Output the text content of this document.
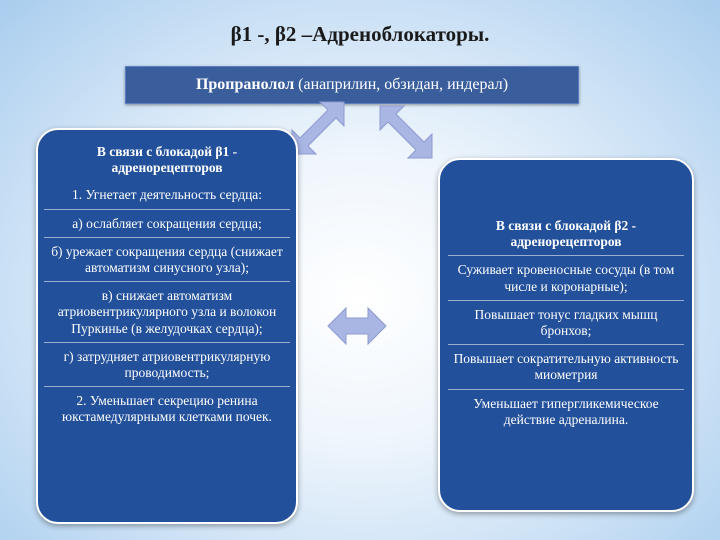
β1 -, β2 –Адреноблокаторы.
Пропранолол (анаприлин, обзидан, индерал)
В связи с блокадой β1 - адренорецепторов
1. Угнетает деятельность сердца:
а) ослабляет сокращения сердца;
б) урежает сокращения сердца (снижает автоматизм синусного узла);
в) снижает автоматизм атриовентрикулярного узла и волокон Пуркинье (в желудочках сердца);
г) затрудняет атриовентрикулярную проводимость;
2. Уменьшает секрецию ренина юкстамедулярными клетками почек.
В связи с блокадой β2 - адренорецепторов
Суживает кровеносные сосуды (в том числе и коронарные);
Повышает тонус гладких мышц бронхов;
Повышает сократительную активность миометрия
Уменьшает гипергликемическое действие адреналина.
